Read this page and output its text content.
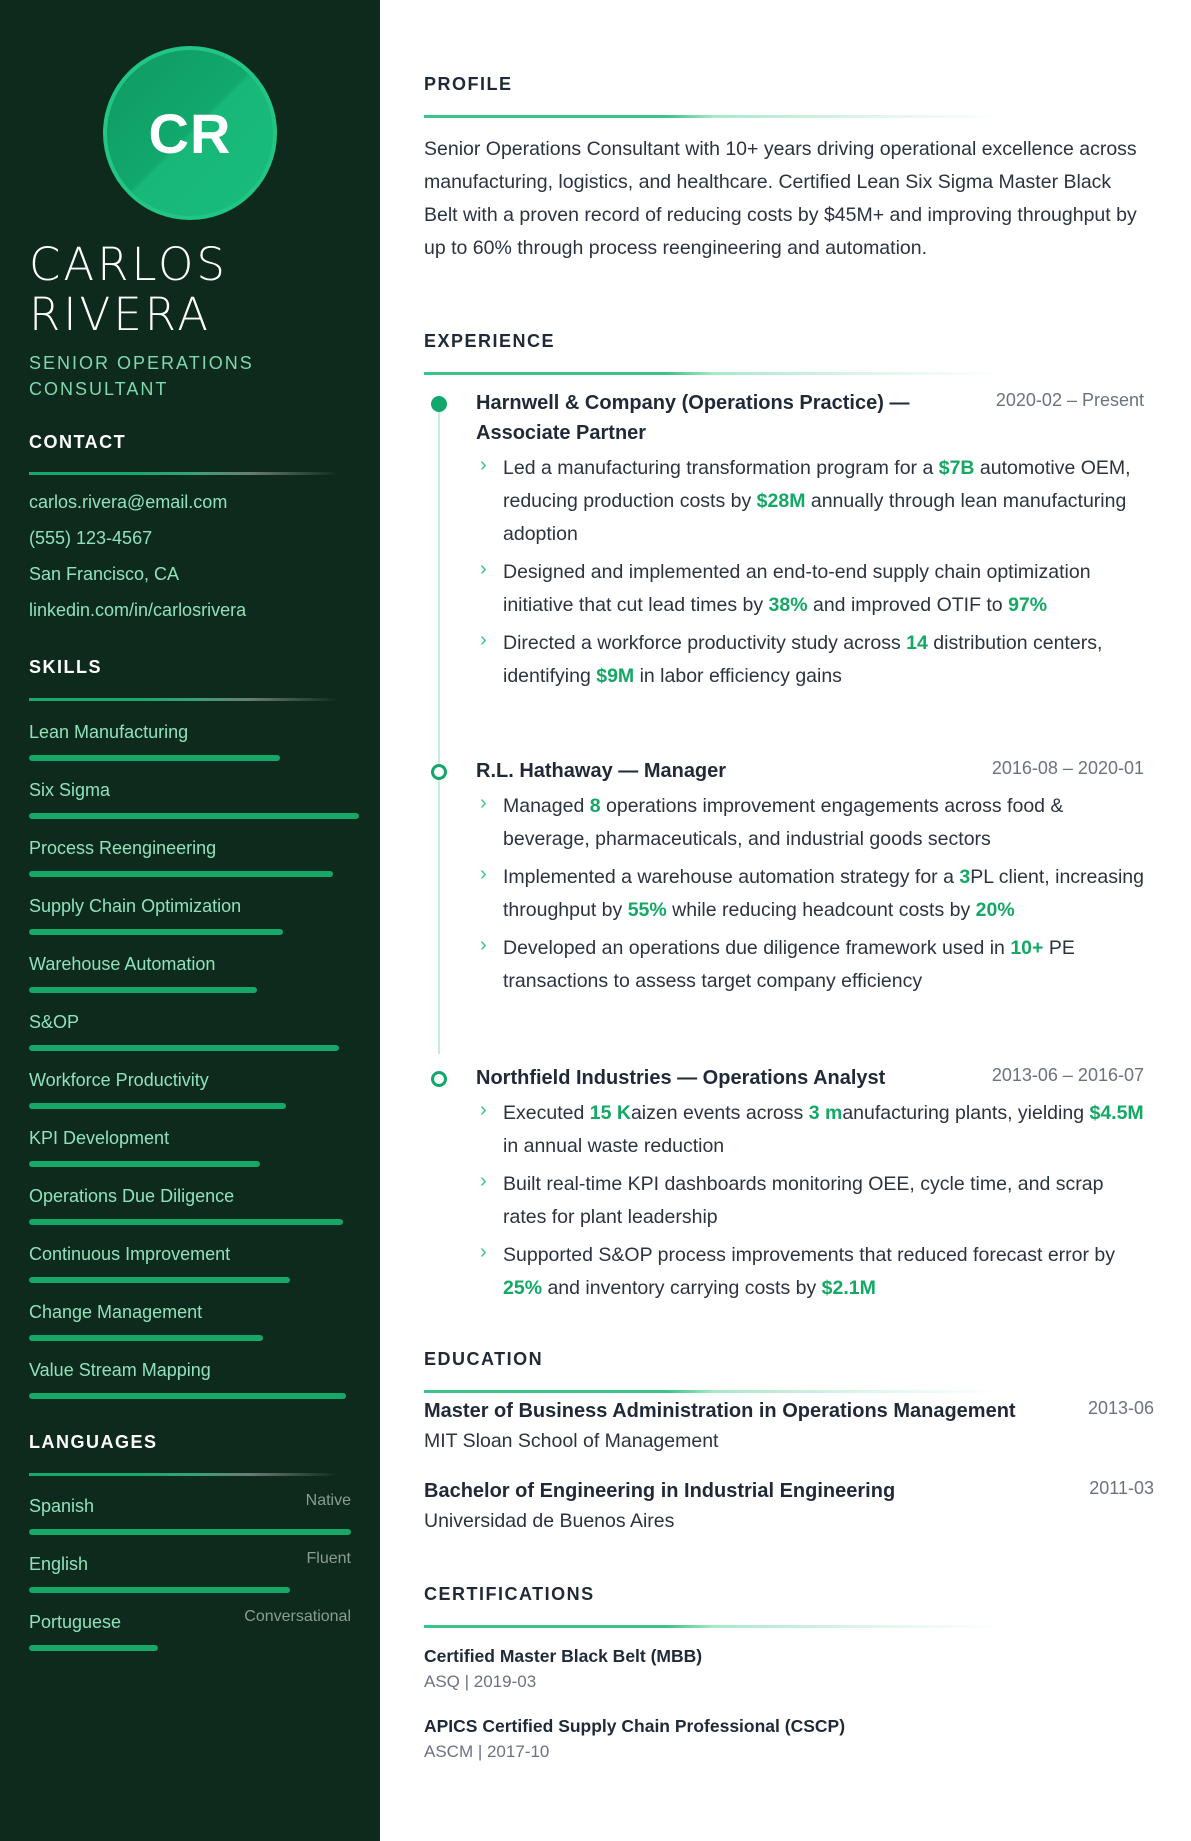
CR
CARLOS
RIVERA
SENIOR OPERATIONS
CONSULTANT
CONTACT
carlos.rivera@email.com
(555) 123-4567
San Francisco, CA
linkedin.com/in/carlosrivera
SKILLS
Lean Manufacturing
Six Sigma
Process Reengineering
Supply Chain Optimization
Warehouse Automation
S&OP
Workforce Productivity
KPI Development
Operations Due Diligence
Continuous Improvement
Change Management
Value Stream Mapping
LANGUAGES
Spanish	Native
English	Fluent
Portuguese	Conversational
PROFILE

Senior Operations Consultant with 10+ years driving operational excellence across manufacturing, logistics, and healthcare. Certified Lean Six Sigma Master Black Belt with a proven record of reducing costs by $45M+ and improving throughput by up to 60% through process reengineering and automation.

EXPERIENCE
Harnwell & Company (Operations Practice) — Associate Partner
2020-02 – Present
› Led a manufacturing transformation program for a $7B automotive OEM, reducing production costs by $28M annually through lean manufacturing adoption
› Designed and implemented an end-to-end supply chain optimization initiative that cut lead times by 38% and improved OTIF to 97%
› Directed a workforce productivity study across 14 distribution centers, identifying $9M in labor efficiency gains
R.L. Hathaway — Manager	2016-08 – 2020-01
› Managed 8 operations improvement engagements across food & beverage, pharmaceuticals, and industrial goods sectors
› Implemented a warehouse automation strategy for a 3PL client, increasing throughput by 55% while reducing headcount costs by 20%
› Developed an operations due diligence framework used in 10+ PE transactions to assess target company efficiency
Northfield Industries — Operations Analyst	2013-06 – 2016-07
› Executed 15 Kaizen events across 3 manufacturing plants, yielding $4.5M in annual waste reduction
› Built real-time KPI dashboards monitoring OEE, cycle time, and scrap rates for plant leadership
› Supported S&OP process improvements that reduced forecast error by 25% and inventory carrying costs by $2.1M
EDUCATION
Master of Business Administration in Operations Management
MIT Sloan School of Management
2013-06
Bachelor of Engineering in Industrial Engineering
Universidad de Buenos Aires
2011-03
CERTIFICATIONS
Certified Master Black Belt (MBB)
ASQ | 2019-03
APICS Certified Supply Chain Professional (CSCP)
ASCM | 2017-10
